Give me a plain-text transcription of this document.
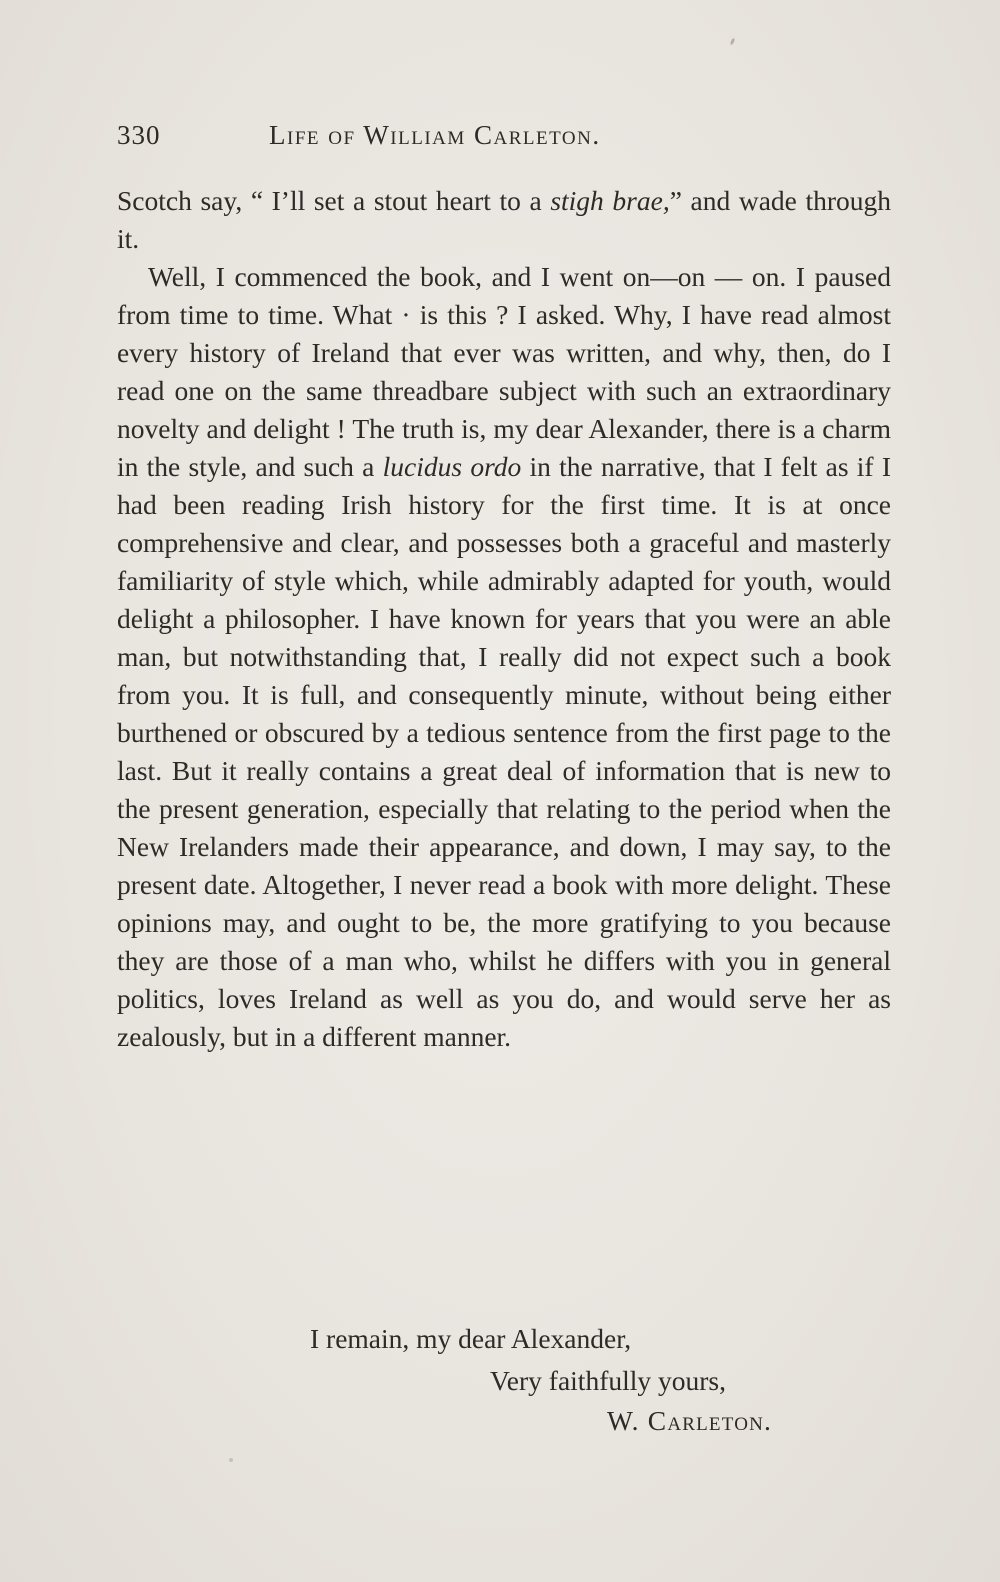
330	Life of William Carleton.

Scotch say, “ I’ll set a stout heart to a stigh brae,” and wade through it.

Well, I commenced the book, and I went on—on — on. I paused from time to time. What · is this ? I asked. Why, I have read almost every history of Ireland that ever was written, and why, then, do I read one on the same threadbare subject with such an extraordinary novelty and delight ! The truth is, my dear Alexander, there is a charm in the style, and such a lucidus ordo in the narrative, that I felt as if I had been reading Irish history for the first time. It is at once comprehensive and clear, and possesses both a graceful and masterly familiarity of style which, while admirably adapted for youth, would delight a philosopher. I have known for years that you were an able man, but notwithstanding that, I really did not expect such a book from you. It is full, and consequently minute, without being either burthened or obscured by a tedious sentence from the first page to the last. But it really contains a great deal of information that is new to the present generation, especially that relating to the period when the New Irelanders made their appearance, and down, I may say, to the present date. Altogether, I never read a book with more delight. These opinions may, and ought to be, the more gratifying to you because they are those of a man who, whilst he differs with you in general politics, loves Ireland as well as you do, and would serve her as zealously, but in a different manner.

I remain, my dear Alexander,
Very faithfully yours,
W. Carleton.
